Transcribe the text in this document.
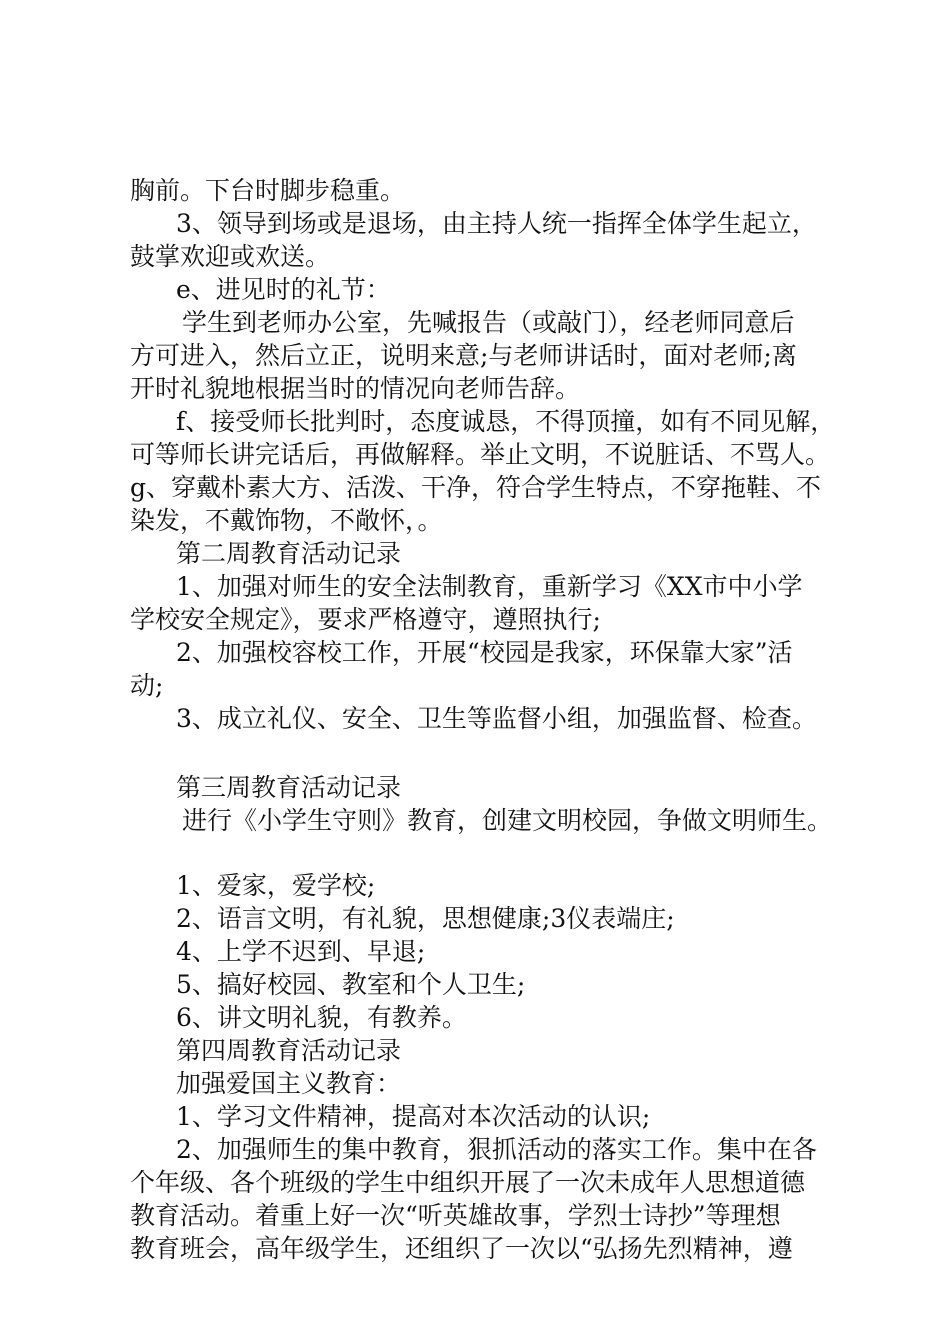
胸前。下台时脚步稳重。
3、领导到场或是退场，由主持人统一指挥全体学生起立，
鼓掌欢迎或欢送。
e、进见时的礼节：
学生到老师办公室，先喊报告（或敲门），经老师同意后
方可进入，然后立正，说明来意;与老师讲话时，面对老师;离
开时礼貌地根据当时的情况向老师告辞。
f、接受师长批判时，态度诚恳，不得顶撞，如有不同见解，
可等师长讲完话后，再做解释。举止文明，不说脏话、不骂人。
g、穿戴朴素大方、活泼、干净，符合学生特点，不穿拖鞋、不
染发，不戴饰物，不敞怀，。
第二周教育活动记录
1、加强对师生的安全法制教育，重新学习《XX市中小学
学校安全规定》，要求严格遵守，遵照执行;
2、加强校容校工作，开展“校园是我家，环保靠大家”活
动;
3、成立礼仪、安全、卫生等监督小组，加强监督、检查。
第三周教育活动记录
进行《小学生守则》教育，创建文明校园，争做文明师生。
1、爱家，爱学校;
2、语言文明，有礼貌，思想健康;3仪表端庄;
4、上学不迟到、早退;
5、搞好校园、教室和个人卫生;
6、讲文明礼貌，有教养。
第四周教育活动记录
加强爱国主义教育：
1、学习文件精神，提高对本次活动的认识;
2、加强师生的集中教育，狠抓活动的落实工作。集中在各
个年级、各个班级的学生中组织开展了一次未成年人思想道德
教育活动。着重上好一次“听英雄故事，学烈士诗抄”等理想
教育班会，高年级学生，还组织了一次以“弘扬先烈精神，遵
